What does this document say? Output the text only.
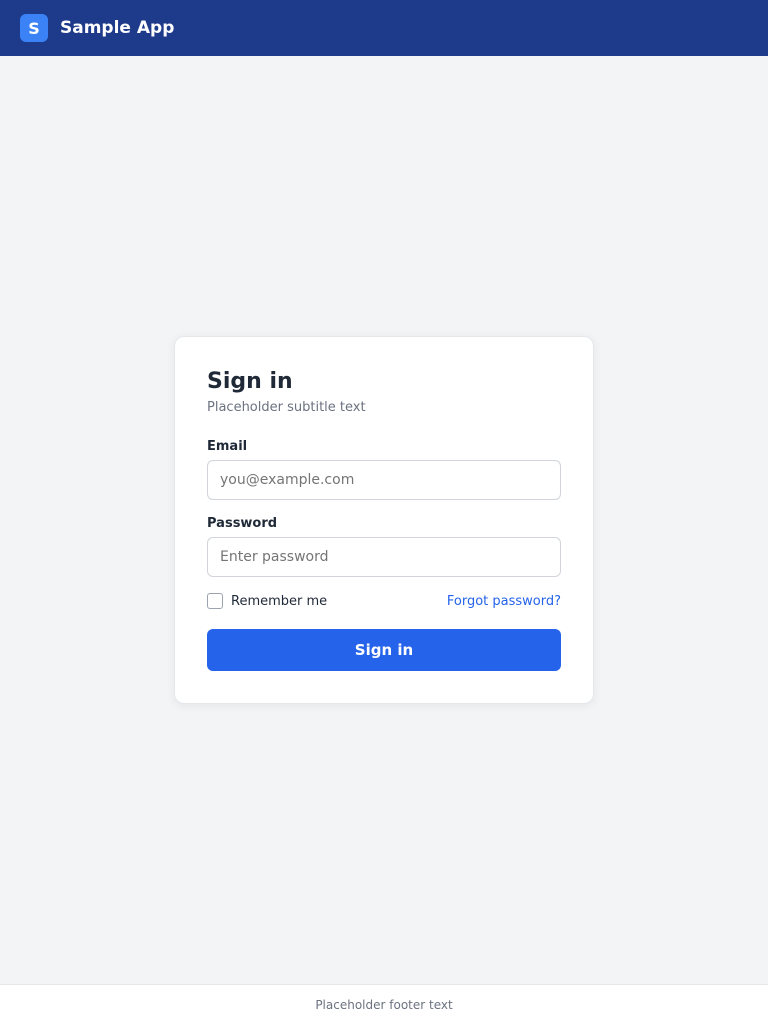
S	Sample App
Sign in

Placeholder subtitle text

Email
you@example.com
Password
Remember me	Forgot password?
Sign in
Placeholder footer text
